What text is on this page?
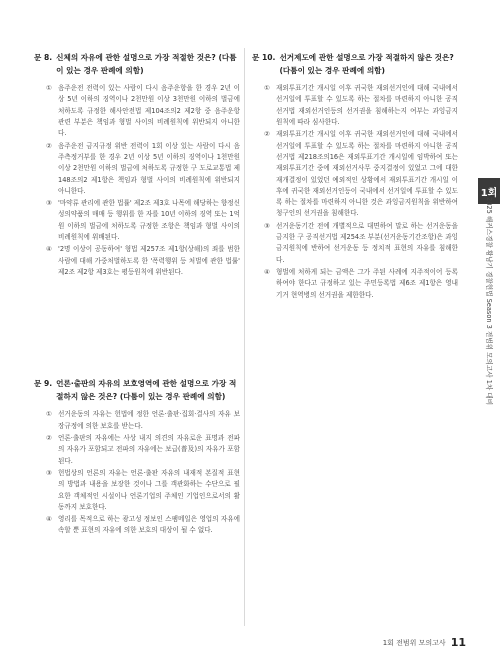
문 8. 신체의 자유에 관한 설명으로 가장 적절한 것은? (다툼이 있는 경우 판례에 의함)
① 음주운전 전력이 있는 사람이 다시 음주운항을 한 경우 2년 이상 5년 이하의 징역이나 2천만원 이상 3천만원 이하의 벌금에 처하도록 규정한 해사안전법 제104조의2 제2항 중 음주운항 관련 부분은 책임과 형벌 사이의 비례원칙에 위반되지 아니한다.
② 음주운전 금지규정 위반 전력이 1회 이상 있는 사람이 다시 음주측정거부를 한 경우 2년 이상 5년 이하의 징역이나 1천만원 이상 2천만원 이하의 벌금에 처하도록 규정한 구 도로교통법 제148조의2 제1항은 책임과 형벌 사이의 비례원칙에 위반되지 아니한다.
③ '마약류 관리에 관한 법률' 제2조 제3호 나목에 해당하는 향정신성의약품의 매매 등 행위를 한 자를 10년 이하의 징역 또는 1억원 이하의 벌금에 처하도록 규정한 조항은 책임과 형벌 사이의 비례원칙에 위배된다.
④ '2명 이상이 공동하여' 형법 제257조 제1항(상해)의 죄를 범한 사람에 대해 가중처벌하도록 한 '폭력행위 등 처벌에 관한 법률' 제2조 제2항 제3호는 평등원칙에 위반된다.
문 9. 언론·출판의 자유의 보호영역에 관한 설명으로 가장 적절하지 않은 것은? (다툼이 있는 경우 판례에 의함)
① 선거운동의 자유는 헌법에 정한 언론·출판·집회·결사의 자유 보장규정에 의한 보호를 받는다.
② 언론·출판의 자유에는 사상 내지 의견의 자유로운 표명과 전파의 자유가 포함되고 전파의 자유에는 보급(普及)의 자유가 포함된다.
③ 헌법상의 언론의 자유는 언론·출판 자유의 내재적 본질적 표현의 방법과 내용을 보장한 것이나 그를 객관화하는 수단으로 필요한 객체적인 시설이나 언론기업의 주체인 기업인으로서의 활동까지 보호한다.
④ 영리를 목적으로 하는 광고성 정보인 스팸메일은 영업의 자유에 속할 뿐 표현의 자유에 의한 보호의 대상이 될 수 없다.
문 10. 선거제도에 관한 설명으로 가장 적절하지 않은 것은? (다툼이 있는 경우 판례에 의함)
① 재외투표기간 개시일 이후 귀국한 재외선거인에 대해 국내에서 선거일에 투표할 수 있도록 하는 절차를 마련하지 아니한 공직선거법 재외선거인등의 선거권을 침해하는지 여부는 과잉금지원칙에 따라 심사한다.
② 재외투표기간 개시일 이후 귀국한 재외선거인에 대해 국내에서 선거일에 투표할 수 있도록 하는 절차를 마련하지 아니한 공직선거법 제218조의16은 재외투표기간 개시일에 임박하여 또는 재외투표기간 중에 재외선거사무 중지결정이 있었고 그에 대한 재개결정이 있었던 예외적인 상황에서 재외투표기간 개시일 이후에 귀국한 재외선거인등이 국내에서 선거일에 투표할 수 있도록 하는 절차를 마련하지 아니한 것은 과잉금지원칙을 위반하여 청구인의 선거권을 침해한다.
③ 선거운동기간 전에 개별적으로 대면하여 말로 하는 선거운동을 금지한 구 공직선거법 제254조 부분(선거운동기간조항)은 과잉금지원칙에 반하여 선거운동 등 정치적 표현의 자유를 침해한다.
④ 형벌에 처하게 되는 금액은 그가 주된 사례에 지주적이어 등록하여야 한다고 규정하고 있는 주민등록법 제6조 제1항은 영내 기거 현역병의 선거권을 제한한다.
1회
2025 해커스경찰 황남기 경찰헌법 Season 3 전범위 모의고사 1차 대비
1회 전범위 모의고사 11
